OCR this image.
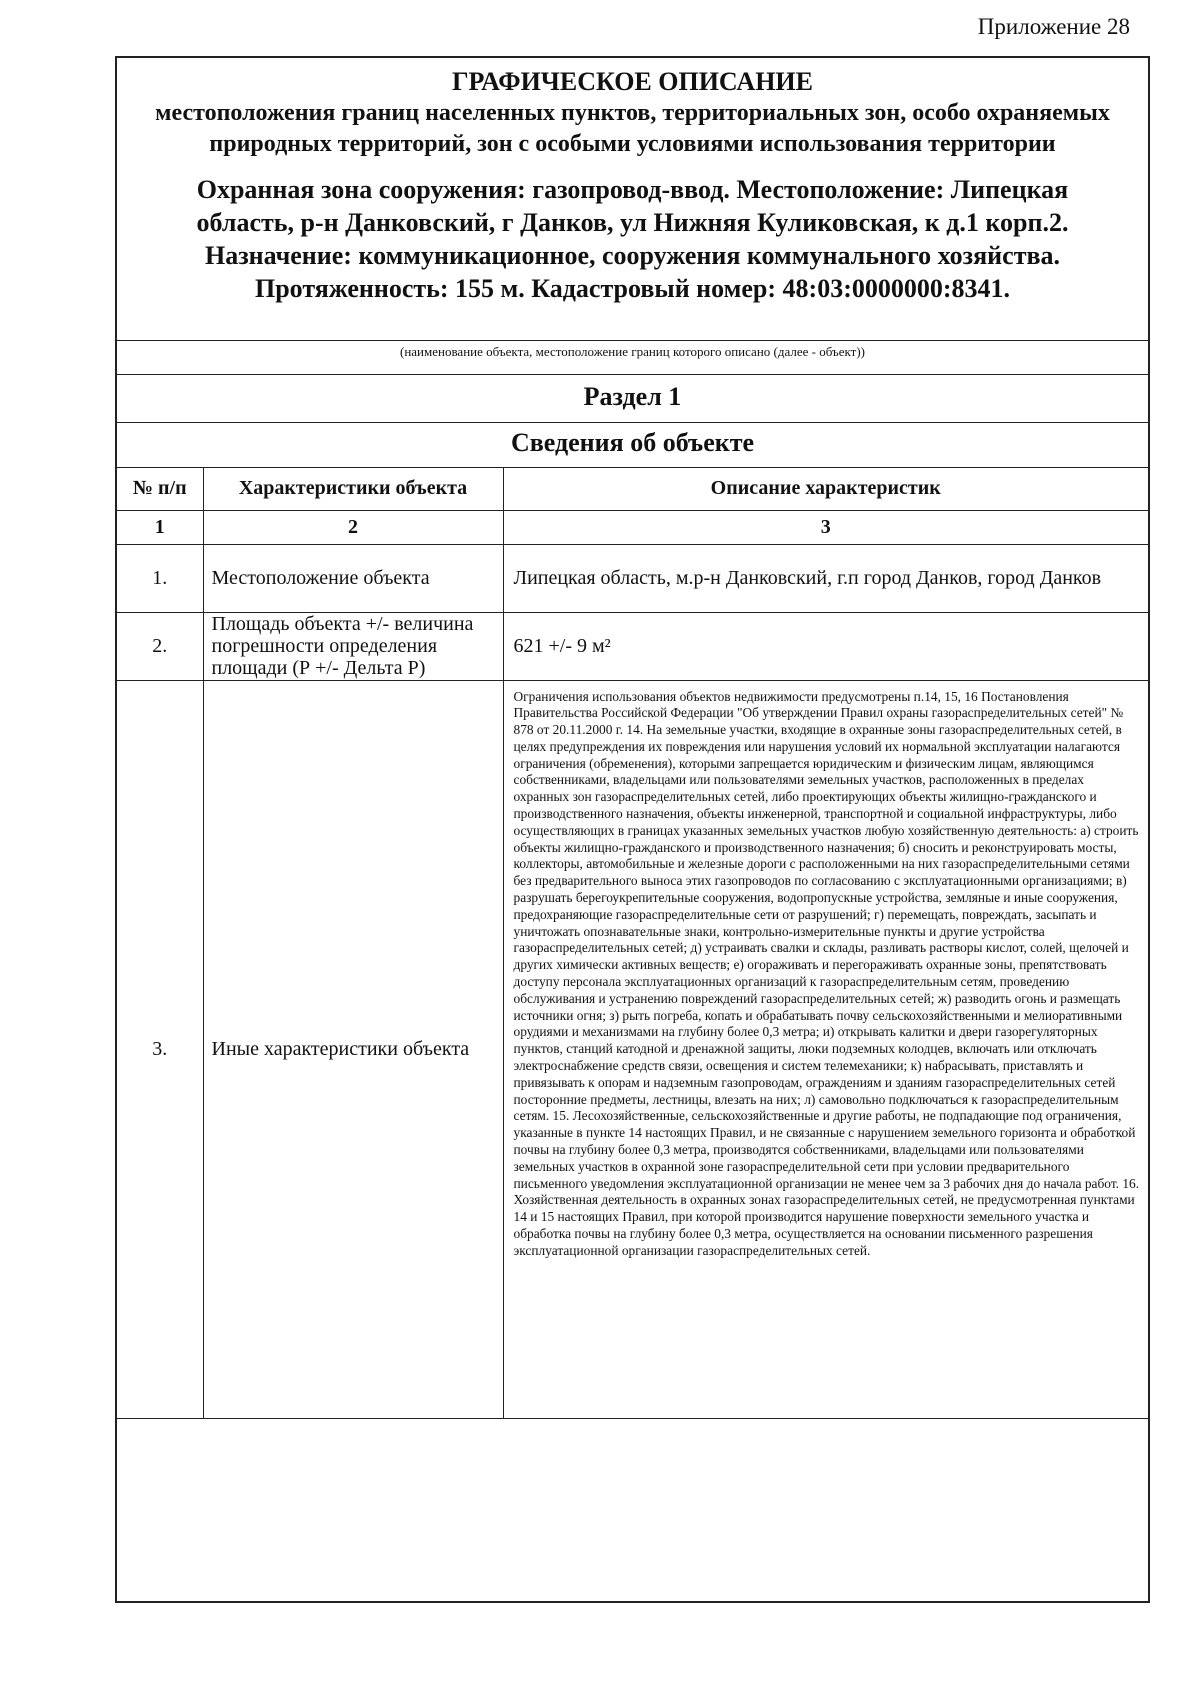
Приложение 28
ГРАФИЧЕСКОЕ ОПИСАНИЕ
местоположения границ населенных пунктов, территориальных зон, особо охраняемых природных территорий, зон с особыми условиями использования территории
Охранная зона сооружения: газопровод-ввод. Местоположение: Липецкая область, р-н Данковский, г Данков, ул Нижняя Куликовская, к д.1 корп.2. Назначение: коммуникационное, сооружения коммунального хозяйства. Протяженность: 155 м. Кадастровый номер: 48:03:0000000:8341.
(наименование объекта, местоположение границ которого описано (далее - объект))
Раздел 1
Сведения об объекте
№ п/п	Характеристики объекта	Описание характеристик
1	2	3
1.	Местоположение объекта	Липецкая область, м.р-н Данковский, г.п город Данков, город Данков
2.	Площадь объекта +/- величина погрешности определения площади (Р +/- Дельта Р)	621 +/- 9 м²
3.	Иные характеристики объекта	Ограничения использования объектов недвижимости предусмотрены п.14, 15, 16 Постановления Правительства Российской Федерации "Об утверждении Правил охраны газораспределительных сетей" № 878 от 20.11.2000 г. 14. На земельные участки, входящие в охранные зоны газораспределительных сетей, в целях предупреждения их повреждения или нарушения условий их нормальной эксплуатации налагаются ограничения (обременения), которыми запрещается юридическим и физическим лицам, являющимся собственниками, владельцами или пользователями земельных участков, расположенных в пределах охранных зон газораспределительных сетей, либо проектирующих объекты жилищно-гражданского и производственного назначения, объекты инженерной, транспортной и социальной инфраструктуры, либо осуществляющих в границах указанных земельных участков любую хозяйственную деятельность: а) строить объекты жилищно-гражданского и производственного назначения; б) сносить и реконструировать мосты, коллекторы, автомобильные и железные дороги с расположенными на них газораспределительными сетями без предварительного выноса этих газопроводов по согласованию с эксплуатационными организациями; в) разрушать берегоукрепительные сооружения, водопропускные устройства, земляные и иные сооружения, предохраняющие газораспределительные сети от разрушений; г) перемещать, повреждать, засыпать и уничтожать опознавательные знаки, контрольно-измерительные пункты и другие устройства газораспределительных сетей; д) устраивать свалки и склады, разливать растворы кислот, солей, щелочей и других химически активных веществ; е) огораживать и перегораживать охранные зоны, препятствовать доступу персонала эксплуатационных организаций к газораспределительным сетям, проведению обслуживания и устранению повреждений газораспределительных сетей; ж) разводить огонь и размещать источники огня; з) рыть погреба, копать и обрабатывать почву сельскохозяйственными и мелиоративными орудиями и механизмами на глубину более 0,3 метра; и) открывать калитки и двери газорегуляторных пунктов, станций катодной и дренажной защиты, люки подземных колодцев, включать или отключать электроснабжение средств связи, освещения и систем телемеханики; к) набрасывать, приставлять и привязывать к опорам и надземным газопроводам, ограждениям и зданиям газораспределительных сетей посторонние предметы, лестницы, влезать на них; л) самовольно подключаться к газораспределительным сетям. 15. Лесохозяйственные, сельскохозяйственные и другие работы, не подпадающие под ограничения, указанные в пункте 14 настоящих Правил, и не связанные с нарушением земельного горизонта и обработкой почвы на глубину более 0,3 метра, производятся собственниками, владельцами или пользователями земельных участков в охранной зоне газораспределительной сети при условии предварительного письменного уведомления эксплуатационной организации не менее чем за 3 рабочих дня до начала работ. 16. Хозяйственная деятельность в охранных зонах газораспределительных сетей, не предусмотренная пунктами 14 и 15 настоящих Правил, при которой производится нарушение поверхности земельного участка и обработка почвы на глубину более 0,3 метра, осуществляется на основании письменного разрешения эксплуатационной организации газораспределительных сетей.
